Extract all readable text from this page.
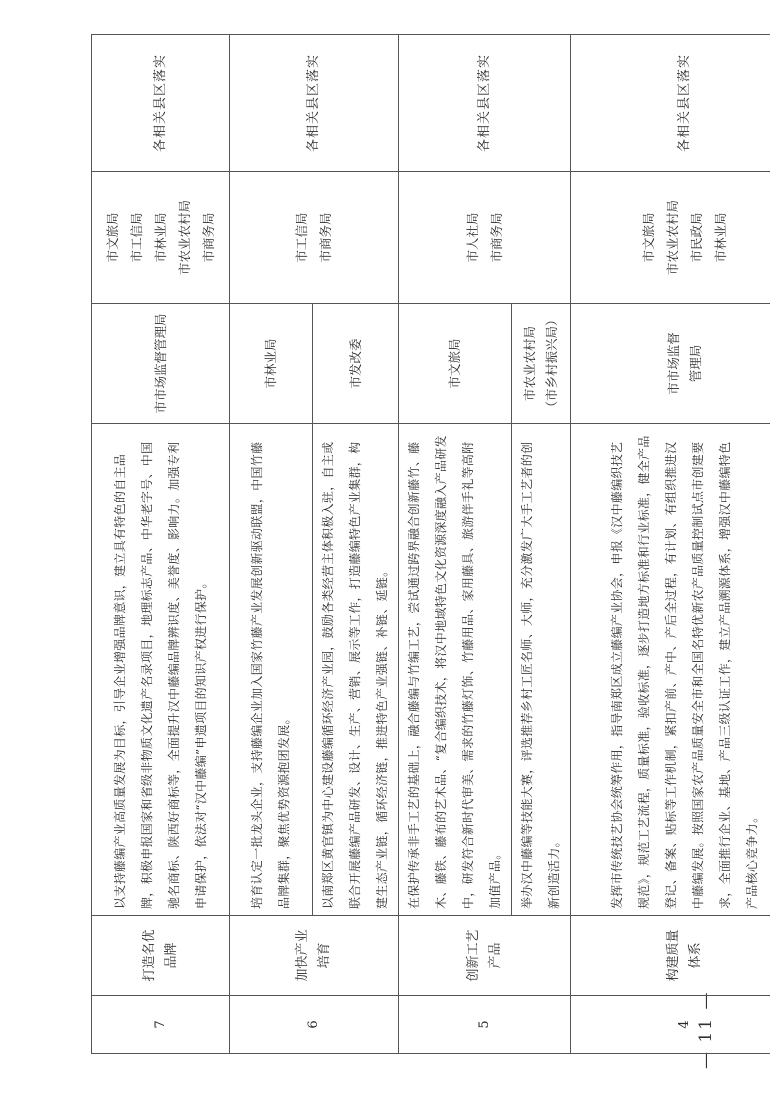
— 11 —
7	打造名优 品牌	以支持藤编产业高质量发展为目标，引导企业增强品牌意识，建立具有特色的自主品牌，积极申报国家和省级非物质文化遗产名录项目，地理标志产品、中华老字号、中国驰名商标、陕西好商标等，全面提升汉中藤编品牌辨识度、美誉度、影响力。加强专利申请保护，依法对“汉中藤编”申遗项目的知识产权进行保护。	市市场监督管理局	市文旅局 市工信局 市林业局 市农业农村局 市商务局	各相关县区落实
6	加快产业 培育	培育认定一批龙头企业，支持藤编企业加入国家竹藤产业发展创新驱动联盟，中国竹藤品牌集群，聚焦优势资源抱团发展。	市林业局	市工信局 市商务局	各相关县区落实
		以南郑区黄官镇为中心建设藤编循环经济产业园，鼓励各类经营主体积极入驻，自主或联合开展藤编产品研发、设计、生产、营销、展示等工作，打造藤编特色产业集群，构建生态产业链，循环经济链，推进特色产业强链、补链、延链。	市发改委		

5	创新工艺 产品	在保护传承非手工艺的基础上，融合藤编与竹编工艺，尝试通过跨界融合创新藤竹、藤木、藤铁、藤布的艺术品、“复合编织技术，将汉中地域特色文化资源深度融入产品研发中，研发符合新时代审美、需求的竹藤灯饰、竹藤用品、家用藤具、旅游伴手礼等高附加值产品。	市文旅局	市人社局 市商务局	各相关县区落实
		举办汉中藤编等技能大赛，评选推荐乡村工匠名师、大师，充分激发广大手工艺者的创新创造活力。	市农业农村局 （市乡村振兴局）		

4	构建质量 体系	发挥市传统技艺协会统筹作用，指导南郑区成立藤编产业协会，申报《汉中藤编织技艺规范》，规范工艺流程，质量标准，验收标准，逐步打造地方标准和行业标准，健全产品登记、备案、贴标等工作机制，紧扣产前、产中、产后全过程，有计划、有组织推进汉中藤编发展。按照国家农产品质量安全市和全国名特优新农产品质量控制试点市创建要求，全面推行企业、基地、产品三级认证工作，建立产品溯源体系，增强汉中藤编特色产品核心竞争力。	市市场监督 管理局	市文旅局 市农业农村局 市民政局 市林业局	各相关县区落实
